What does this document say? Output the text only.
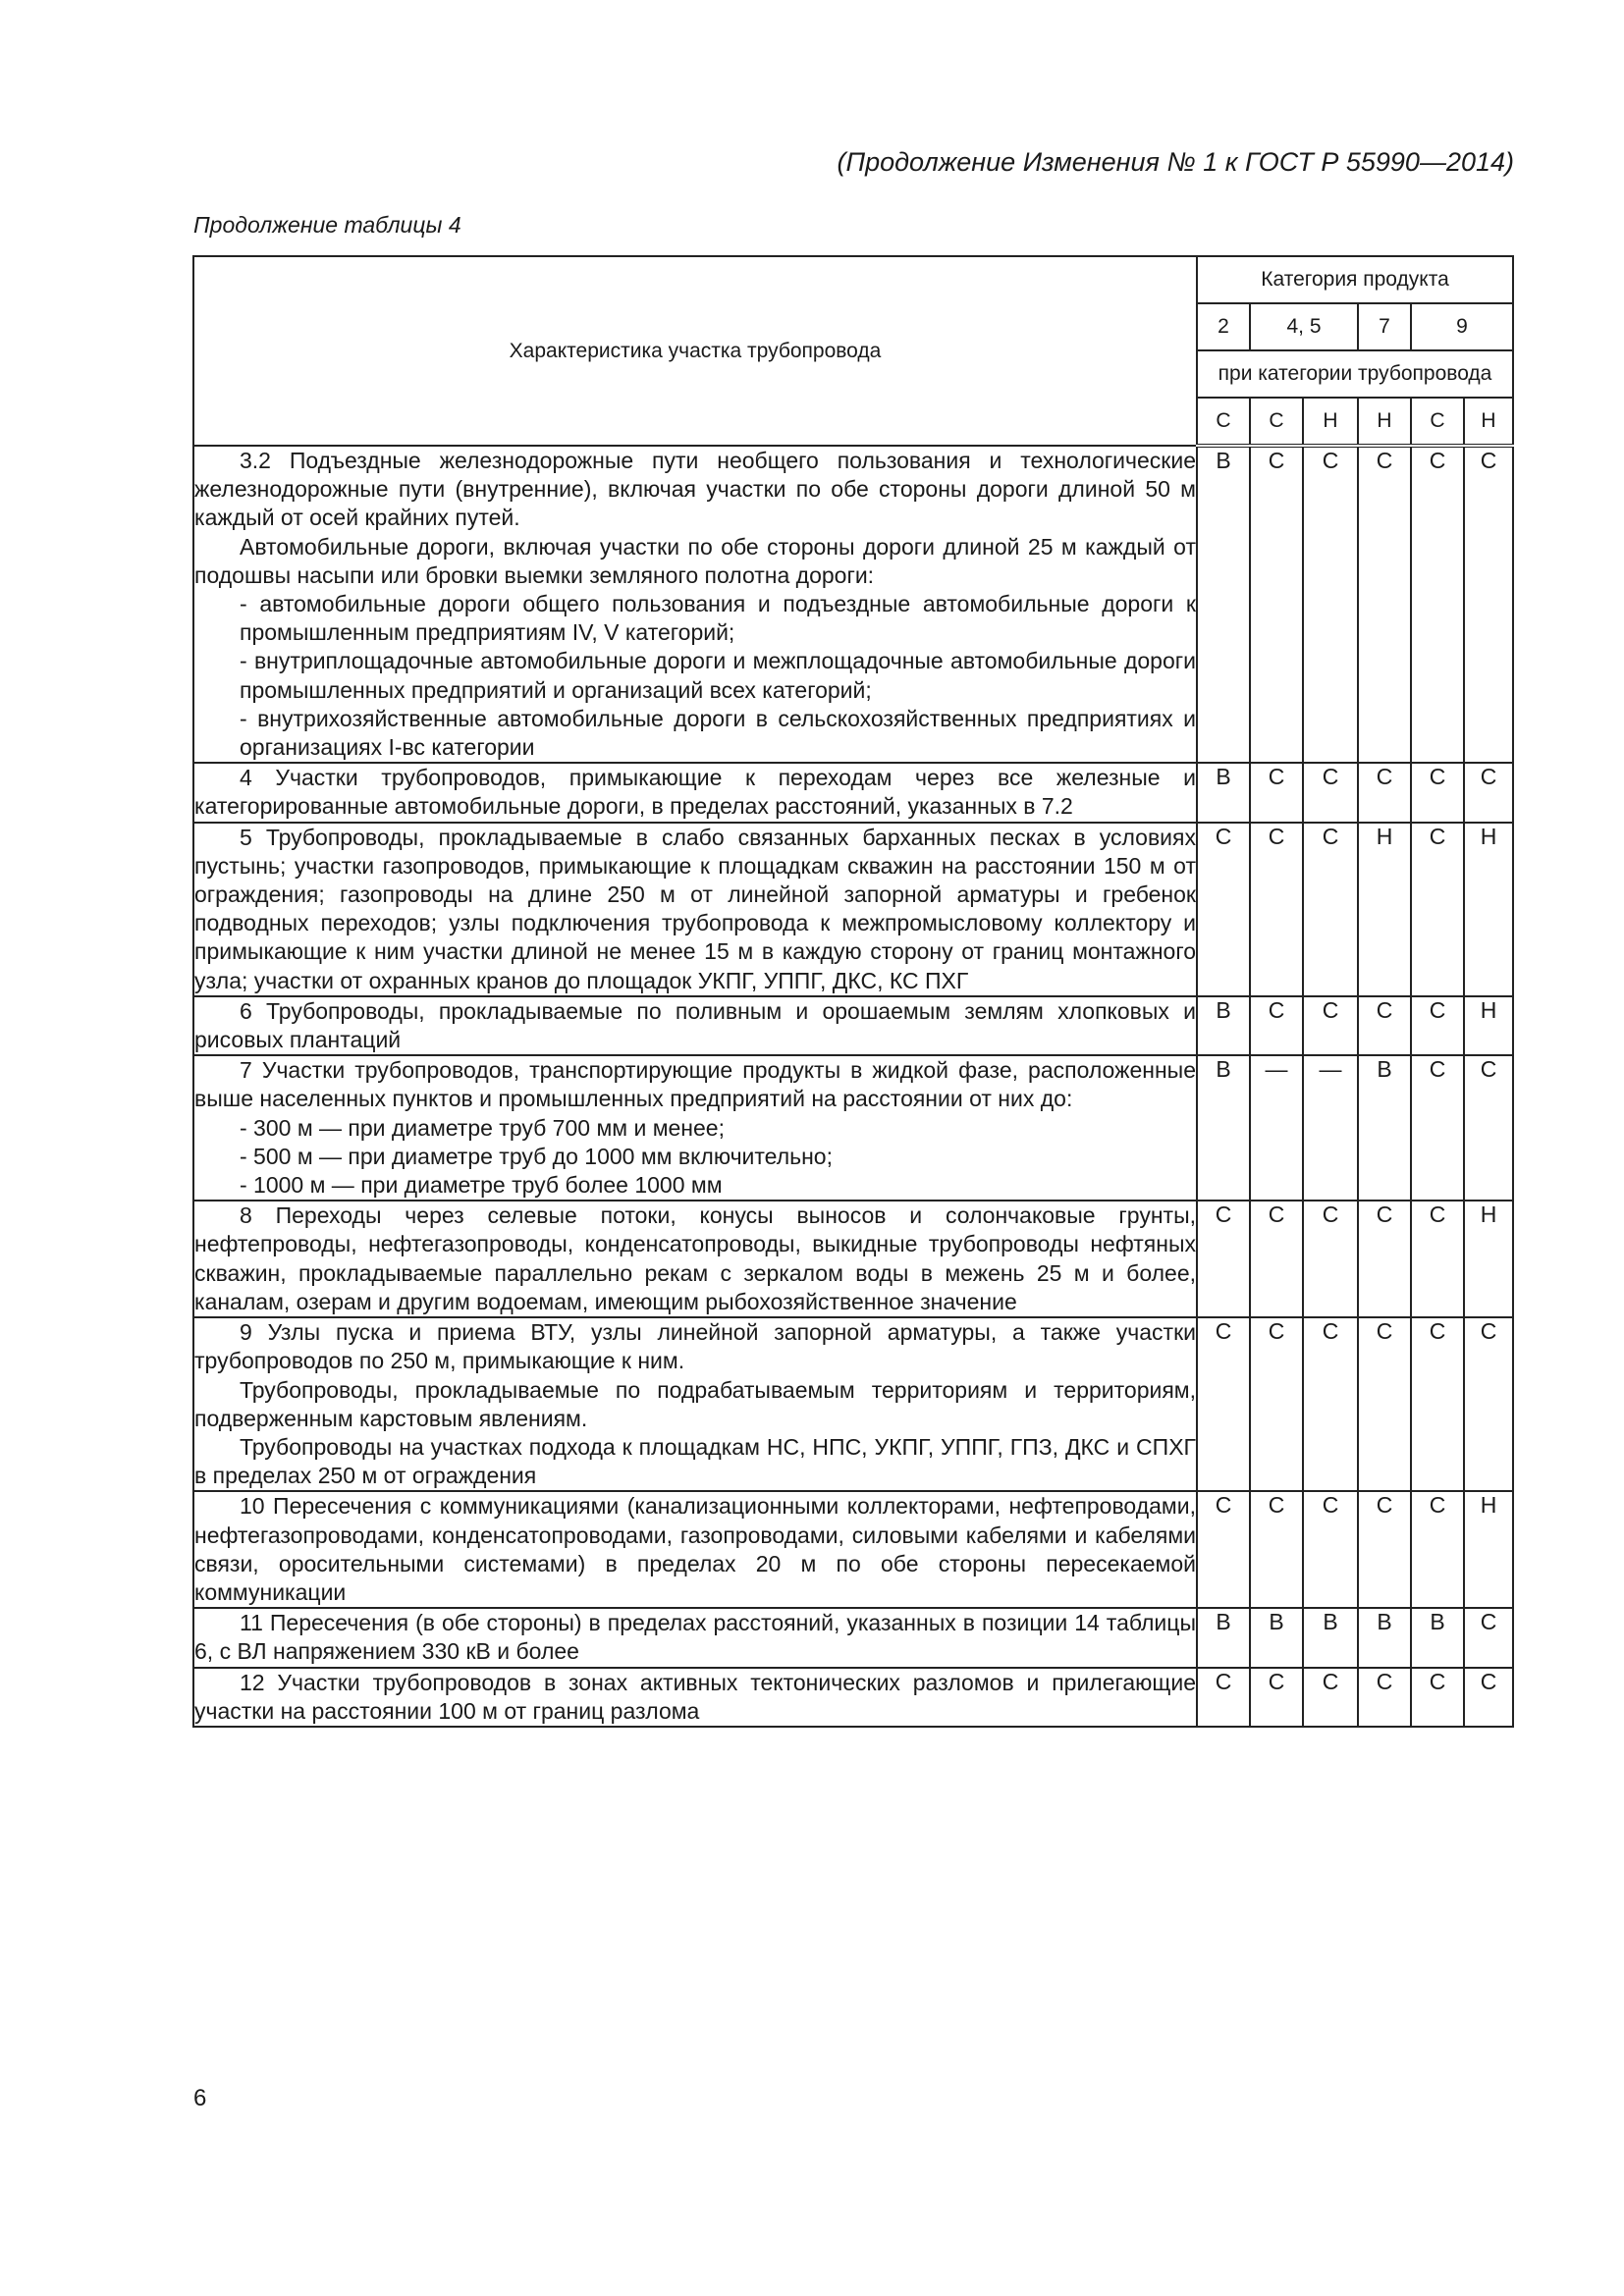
(Продолжение Изменения № 1 к ГОСТ Р 55990—2014)
Продолжение таблицы 4
Характеристика участка трубопровода	Категория продукта					
	2	4, 5		7	9	
	при категории трубопровода					
	С	С	Н	Н	С	Н

3.2 Подъездные железнодорожные пути необщего пользования и технологические железнодорожные пути (внутренние), включая участки по обе стороны дороги длиной 50 м каждый от осей крайних путей.

Автомобильные дороги, включая участки по обе стороны дороги длиной 25 м каждый от подошвы насыпи или бровки выемки земляного полотна дороги:

- автомобильные дороги общего пользования и подъездные автомобильные дороги к промышленным предприятиям IV, V категорий;

- внутриплощадочные автомобильные дороги и межплощадочные автомобильные дороги промышленных предприятий и организаций всех категорий;

- внутрихозяйственные автомобильные дороги в сельскохозяйственных предприятиях и организациях I-вс категории	В	С	С	С	С	С

4 Участки трубопроводов, примыкающие к переходам через все железные и категорированные автомобильные дороги, в пределах расстояний, указанных в 7.2	В	С	С	С	С	С

5 Трубопроводы, прокладываемые в слабо связанных барханных песках в условиях пустынь; участки газопроводов, примыкающие к площадкам скважин на расстоянии 150 м от ограждения; газопроводы на длине 250 м от линейной запорной арматуры и гребенок подводных переходов; узлы подключения трубопровода к межпромысловому коллектору и примыкающие к ним участки длиной не менее 15 м в каждую сторону от границ монтажного узла; участки от охранных кранов до площадок УКПГ, УППГ, ДКС, КС ПХГ	С	С	С	Н	С	Н

6 Трубопроводы, прокладываемые по поливным и орошаемым землям хлопковых и рисовых плантаций	В	С	С	С	С	Н

7 Участки трубопроводов, транспортирующие продукты в жидкой фазе, расположенные выше населенных пунктов и промышленных предприятий на расстоянии от них до:

- 300 м — при диаметре труб 700 мм и менее;

- 500 м — при диаметре труб до 1000 мм включительно;

- 1000 м — при диаметре труб более 1000 мм	В	—	—	В	С	С

8 Переходы через селевые потоки, конусы выносов и солончаковые грунты, нефтепроводы, нефтегазопроводы, конденсатопроводы, выкидные трубопроводы нефтяных скважин, прокладываемые параллельно рекам с зеркалом воды в межень 25 м и более, каналам, озерам и другим водоемам, имеющим рыбохозяйственное значение	С	С	С	С	С	Н

9 Узлы пуска и приема ВТУ, узлы линейной запорной арматуры, а также участки трубопроводов по 250 м, примыкающие к ним.

Трубопроводы, прокладываемые по подрабатываемым территориям и территориям, подверженным карстовым явлениям.

Трубопроводы на участках подхода к площадкам НС, НПС, УКПГ, УППГ, ГПЗ, ДКС и СПХГ в пределах 250 м от ограждения	С	С	С	С	С	С

10 Пересечения с коммуникациями (канализационными коллекторами, нефтепроводами, нефтегазопроводами, конденсатопроводами, газопроводами, силовыми кабелями и кабелями связи, оросительными системами) в пределах 20 м по обе стороны пересекаемой коммуникации	С	С	С	С	С	Н

11 Пересечения (в обе стороны) в пределах расстояний, указанных в позиции 14 таблицы 6, с ВЛ напряжением 330 кВ и более	В	В	В	В	В	С

12 Участки трубопроводов в зонах активных тектонических разломов и прилегающие участки на расстоянии 100 м от границ разлома	С	С	С	С	С	С
6
